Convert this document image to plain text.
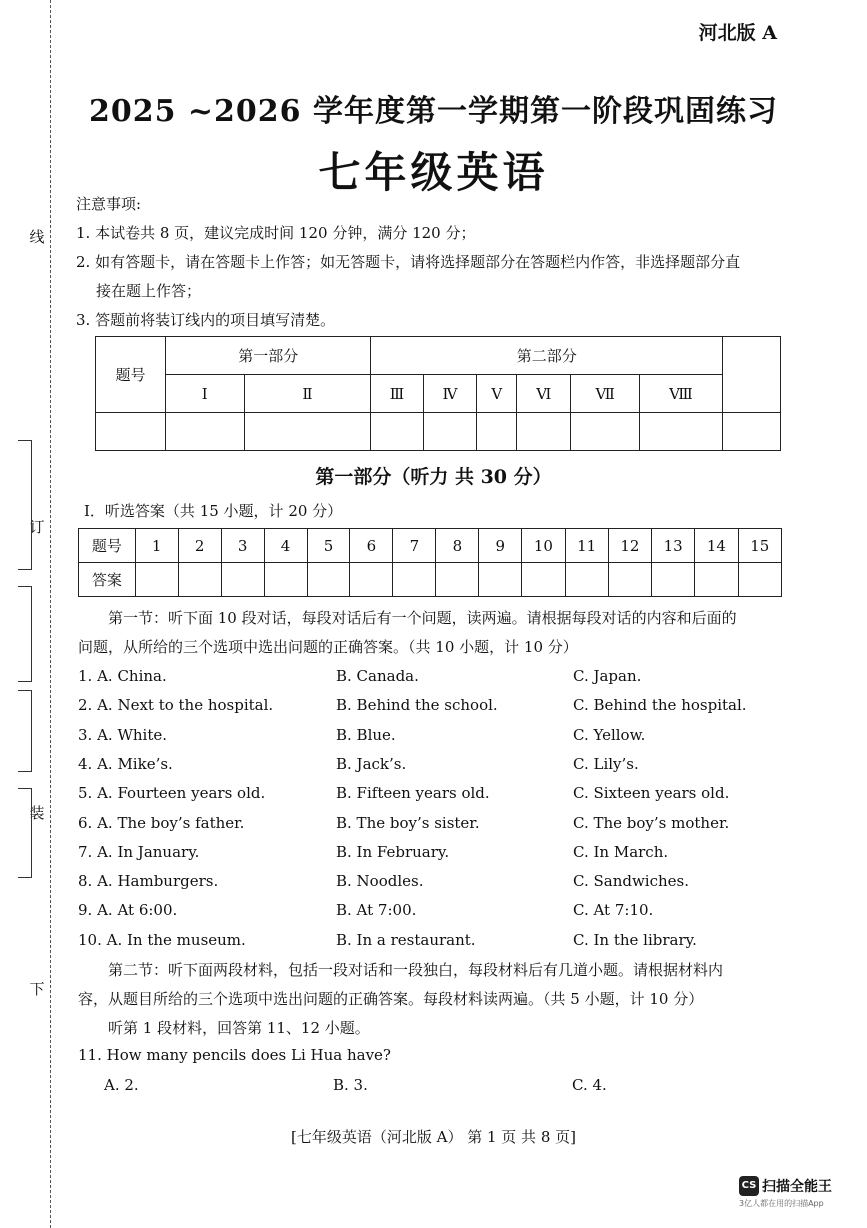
线
订
装
下
河北版 A
2025 ~2026 学年度第一学期第一阶段巩固练习
七年级英语
注意事项:
1. 本试卷共 8 页，建议完成时间 120 分钟，满分 120 分；
2. 如有答题卡，请在答题卡上作答；如无答题卡，请将选择题部分在答题栏内作答，非选择题部分直
接在题上作答；
3. 答题前将装订线内的项目填写清楚。
题号	第一部分		第二部分						
	Ⅰ	Ⅱ	Ⅲ	Ⅳ	Ⅴ	Ⅵ	Ⅶ	Ⅷ	

第一部分（听力 共 30 分）
Ⅰ．听选答案（共 15 小题，计 20 分）
题号	1	2	3	4	5	6	7	8	9	10	11	12	13	14	15
答案															
第一节：听下面 10 段对话，每段对话后有一个问题，读两遍。请根据每段对话的内容和后面的
问题，从所给的三个选项中选出问题的正确答案。（共 10 小题，计 10 分）
1. A. China.	B. Canada.	C. Japan.
2. A. Next to the hospital.	B. Behind the school.	C. Behind the hospital.
3. A. White.	B. Blue.	C. Yellow.
4. A. Mike’s.	B. Jack’s.	C. Lily’s.
5. A. Fourteen years old.	B. Fifteen years old.	C. Sixteen years old.
6. A. The boy’s father.	B. The boy’s sister.	C. The boy’s mother.
7. A. In January.	B. In February.	C. In March.
8. A. Hamburgers.	B. Noodles.	C. Sandwiches.
9. A. At 6:00.	B. At 7:00.	C. At 7:10.
10. A. In the museum.	B. In a restaurant.	C. In the library.
第二节：听下面两段材料，包括一段对话和一段独白，每段材料后有几道小题。请根据材料内
容，从题目所给的三个选项中选出问题的正确答案。每段材料读两遍。（共 5 小题，计 10 分）
听第 1 段材料，回答第 11、12 小题。
11. How many pencils does Li Hua have?
A. 2.	B. 3.	C. 4.
[七年级英语（河北版 A） 第 1 页 共 8 页]
CS 扫描全能王
3亿人都在用的扫描App
